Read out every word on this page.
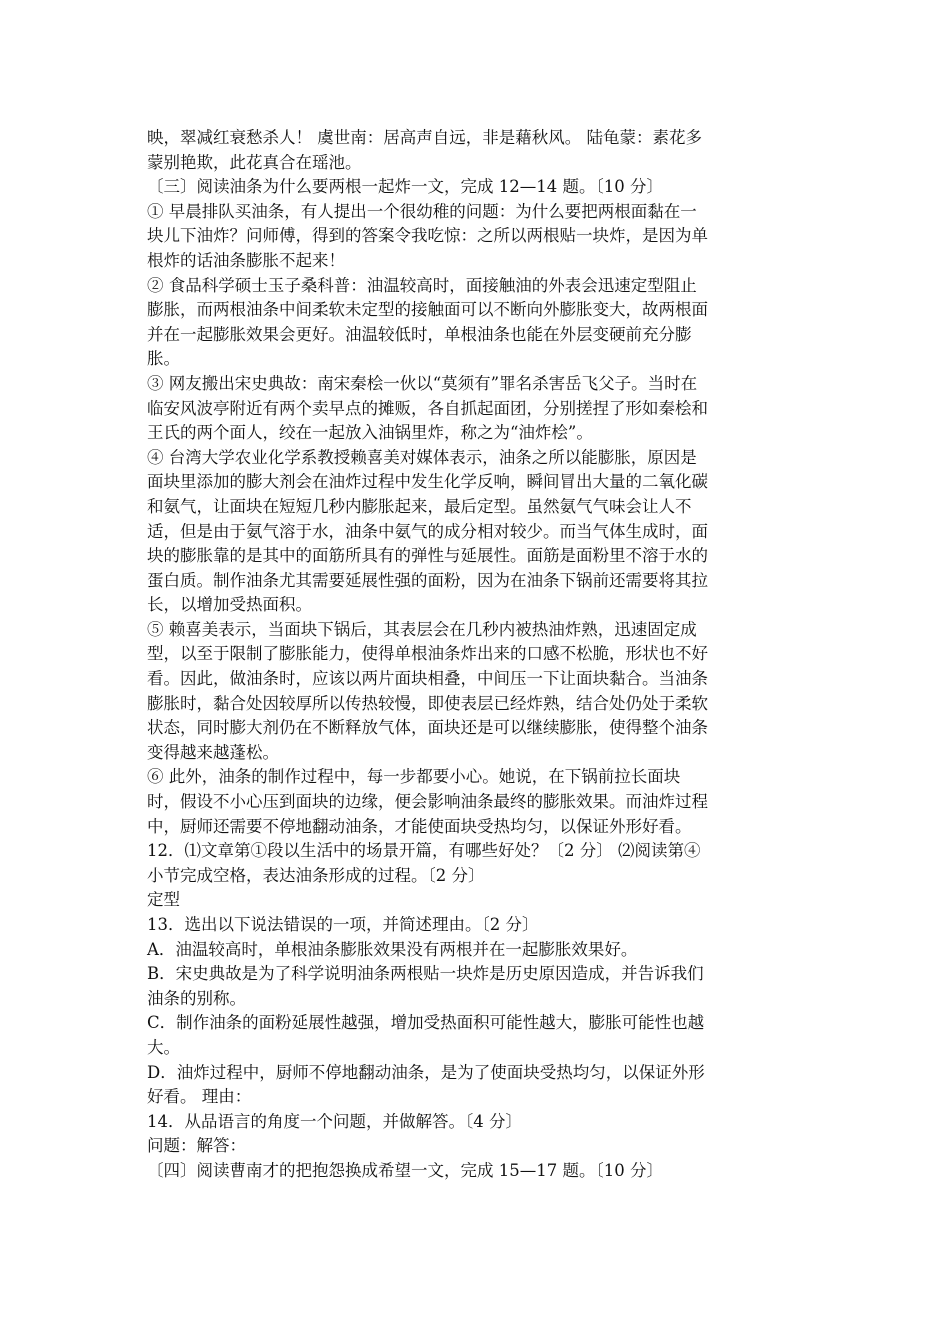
映，翠减红衰愁杀人！ 虞世南：居高声自远，非是藉秋风。 陆龟蒙：素花多
蒙别艳欺，此花真合在瑶池。
〔三〕阅读油条为什么要两根一起炸一文，完成 12—14 题。〔10 分〕
① 早晨排队买油条，有人提出一个很幼稚的问题：为什么要把两根面黏在一
块儿下油炸？问师傅，得到的答案令我吃惊：之所以两根贴一块炸，是因为单
根炸的话油条膨胀不起来！
② 食品科学硕士玉子桑科普：油温较高时，面接触油的外表会迅速定型阻止
膨胀，而两根油条中间柔软未定型的接触面可以不断向外膨胀变大，故两根面
并在一起膨胀效果会更好。油温较低时，单根油条也能在外层变硬前充分膨
胀。
③ 网友搬出宋史典故：南宋秦桧一伙以“莫须有”罪名杀害岳飞父子。当时在
临安风波亭附近有两个卖早点的摊贩，各自抓起面团，分别搓捏了形如秦桧和
王氏的两个面人，绞在一起放入油锅里炸，称之为“油炸桧”。
④ 台湾大学农业化学系教授赖喜美对媒体表示，油条之所以能膨胀，原因是
面块里添加的膨大剂会在油炸过程中发生化学反响，瞬间冒出大量的二氧化碳
和氨气，让面块在短短几秒内膨胀起来，最后定型。虽然氨气气味会让人不
适，但是由于氨气溶于水，油条中氨气的成分相对较少。而当气体生成时，面
块的膨胀靠的是其中的面筋所具有的弹性与延展性。面筋是面粉里不溶于水的
蛋白质。制作油条尤其需要延展性强的面粉，因为在油条下锅前还需要将其拉
长，以增加受热面积。
⑤ 赖喜美表示，当面块下锅后，其表层会在几秒内被热油炸熟，迅速固定成
型，以至于限制了膨胀能力，使得单根油条炸出来的口感不松脆，形状也不好
看。因此，做油条时，应该以两片面块相叠，中间压一下让面块黏合。当油条
膨胀时，黏合处因较厚所以传热较慢，即使表层已经炸熟，结合处仍处于柔软
状态，同时膨大剂仍在不断释放气体，面块还是可以继续膨胀，使得整个油条
变得越来越蓬松。
⑥ 此外，油条的制作过程中，每一步都要小心。她说，在下锅前拉长面块
时，假设不小心压到面块的边缘，便会影响油条最终的膨胀效果。而油炸过程
中，厨师还需要不停地翻动油条，才能使面块受热均匀，以保证外形好看。
12．⑴文章第①段以生活中的场景开篇，有哪些好处？〔2 分〕 ⑵阅读第④
小节完成空格，表达油条形成的过程。〔2 分〕
定型
13．选出以下说法错误的一项，并简述理由。〔2 分〕
A．油温较高时，单根油条膨胀效果没有两根并在一起膨胀效果好。
B．宋史典故是为了科学说明油条两根贴一块炸是历史原因造成，并告诉我们
油条的别称。
C．制作油条的面粉延展性越强，增加受热面积可能性越大，膨胀可能性也越
大。
D．油炸过程中，厨师不停地翻动油条，是为了使面块受热均匀，以保证外形
好看。 理由：
14．从品语言的角度一个问题，并做解答。〔4 分〕
问题：解答：
〔四〕阅读曹南才的把抱怨换成希望一文，完成 15—17 题。〔10 分〕
